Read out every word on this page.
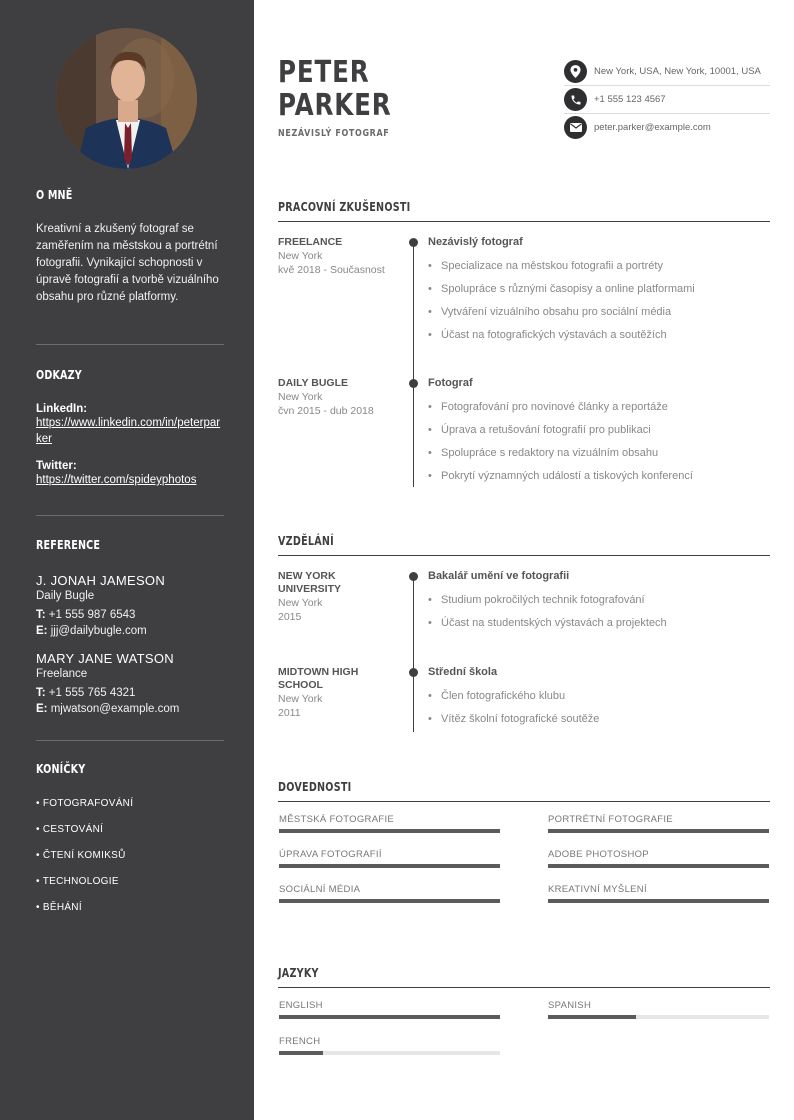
O MNĚ
Kreativní a zkušený fotograf se zaměřením na městskou a portrétní fotografii. Vynikající schopnosti v úpravě fotografií a tvorbě vizuálního obsahu pro různé platformy.
ODKAZY
LinkedIn:
https://www.linkedin.com/in/peterparker
Twitter:
https://twitter.com/spideyphotos
REFERENCE
J. JONAH JAMESON
Daily Bugle
T: +1 555 987 6543
E: jjj@dailybugle.com
MARY JANE WATSON
Freelance
T: +1 555 765 4321
E: mjwatson@example.com
KONÍČKY
• FOTOGRAFOVÁNÍ
• CESTOVÁNÍ
• ČTENÍ KOMIKSŮ
• TECHNOLOGIE
• BĚHÁNÍ
PETER
PARKER
NEZÁVISLÝ FOTOGRAF
New York, USA, New York, 10001, USA
+1 555 123 4567
peter.parker@example.com
PRACOVNÍ ZKUŠENOSTI
FREELANCE
New York
kvě 2018 - Současnost
Nezávislý fotograf
• Specializace na městskou fotografii a portréty
• Spolupráce s různými časopisy a online platformami
• Vytváření vizuálního obsahu pro sociální média
• Účast na fotografických výstavách a soutěžích
DAILY BUGLE
New York
čvn 2015 - dub 2018
Fotograf
• Fotografování pro novinové články a reportáže
• Úprava a retušování fotografií pro publikaci
• Spolupráce s redaktory na vizuálním obsahu
• Pokrytí významných událostí a tiskových konferencí
VZDĚLÁNÍ
NEW YORK UNIVERSITY
New York
2015
Bakalář umění ve fotografii
• Studium pokročilých technik fotografování
• Účast na studentských výstavách a projektech
MIDTOWN HIGH SCHOOL
New York
2011
Střední škola
• Člen fotografického klubu
• Vítěz školní fotografické soutěže
DOVEDNOSTI
MĚSTSKÁ FOTOGRAFIE	PORTRÉTNÍ FOTOGRAFIE
ÚPRAVA FOTOGRAFIÍ	ADOBE PHOTOSHOP
SOCIÁLNÍ MÉDIA	KREATIVNÍ MYŠLENÍ
JAZYKY
ENGLISH	SPANISH
FRENCH
